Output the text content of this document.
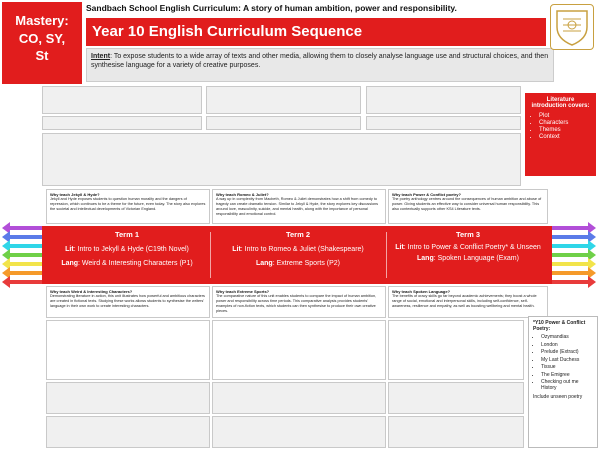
Mastery:
CO, SY,
St
Sandbach School English Curriculum: A story of human ambition, power and responsibility.
Year 10 English Curriculum Sequence
Intent: To expose students to a wide array of texts and other media, allowing them to closely analyse language use and structural choices, and then synthesise language for a variety of creative purposes.

Literature introduction covers:
• Plot
• Characters
• Themes
• Context
Why teach Jekyll & Hyde?
Jekyll and Hyde exposes students to question human morality and the dangers of repression, which continues to be a theme for the future, even today. The story also explores the societal and intellectual developments of Victorian England.
Why teach Romeo & Juliet?
A way up in complexity from Macbeth, Romeo & Juliet demonstrates how a shift from comedy to tragedy can create dramatic tension. Similar to Jekyll & Hyde, the story explores key discussions around love, masculinity, suicide, and mental health, along with the importance of personal responsibility and emotional control.
Why teach Power & Conflict poetry?
The poetry anthology centres around the consequences of human ambition and abuse of power. Giving students an effective way to consider universal human responsibility. This also contextually supports other KS4 Literature texts.
Term 1
Lit: Intro to Jekyll & Hyde (C19th Novel)
Lang: Weird & Interesting Characters (P1)
Term 2
Lit: Intro to Romeo & Juliet (Shakespeare)
Lang: Extreme Sports (P2)
Term 3
Lit: Intro to Power & Conflict Poetry* & Unseen
Lang: Spoken Language (Exam)
Why teach Weird & Interesting Characters?
Demonstrating literature in action, this unit illustrates how powerful and ambitious characters are created in fictional texts. Studying these works allows students to synthesise the writers' language in their own work to create interesting characters.
Why teach Extreme Sports?
The comparative nature of this unit enables students to compare the impact of human ambition, power and responsibility across time periods. This comparative analysis provides students' examples of non-fiction texts, which students can then synthesise to produce their own creative pieces.
Why teach Spoken Language?
The benefits of oracy skills go far beyond academic achievements; they boost a whole range of social, emotional and interpersonal skills, including self-confidence, self-awareness, resilience and empathy, as well as boosting wellbeing and mental health.
*Y10 Power & Conflict Poetry:
• Ozymandias
• London
• Prelude (Extract)
• My Last Duchess
• Tissue
• The Emigree
• Checking out me History
Include unseen poetry
